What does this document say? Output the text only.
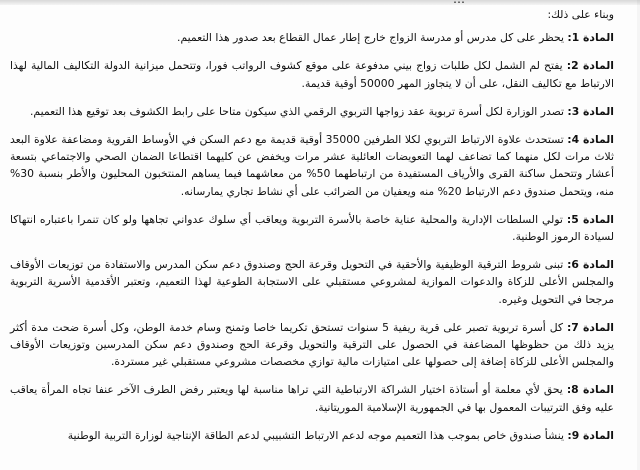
وبناء على ذلك:

المادة 1: يحظر على كل مدرس أو مدرسة الزواج خارج إطار عمال القطاع بعد صدور هذا التعميم.

المادة 2: يفتح لم الشمل لكل طلبات زواج بيني مدفوعة على موقع كشوف الرواتب فورا، وتتحمل ميزانية الدولة التكاليف المالية لهذا الارتباط مع تكاليف النقل، على أن لا يتجاوز المهر 50000 أوقية قديمة.

المادة 3: تصدر الوزارة لكل أسرة تربوية عقد زواجها التربوي الرقمي الذي سيكون متاحا على رابط الكشوف بعد توقيع هذا التعميم.

المادة 4: تستحدث علاوة الارتباط التربوي لكلا الطرفين 35000 أوقية قديمة مع دعم السكن في الأوساط القروية ومضاعفة علاوة البعد ثلاث مرات لكل منهما كما تضاعف لهما التعويضات العائلية عشر مرات ويخفض عن كليهما اقتطاعا الضمان الصحي والاجتماعي بتسعة أعشار وتتحمل ساكنة القرى والأرياف المستفيدة من ارتباطهما 50% من معاشهما فيما يساهم المنتخبون المحليون والأطر بنسبة 30% منه، ويتحمل صندوق دعم الارتباط 20% منه ويعفيان من الضرائب على أي نشاط تجاري يمارسانه.

المادة 5: تولي السلطات الإدارية والمحلية عناية خاصة بالأسرة التربوية ويعاقب أي سلوك عدواني تجاهها ولو كان تنمرا باعتباره انتهاكا لسيادة الرموز الوطنية.

المادة 6: تبنى شروط الترقية الوظيفية والأحقية في التحويل وقرعة الحج وصندوق دعم سكن المدرس والاستفادة من توزيعات الأوقاف والمجلس الأعلى للزكاة والدعوات الموازية لمشروعي مستقبلي على الاستجابة الطوعية لهذا التعميم، وتعتبر الأقدمية الأسرية التربوية مرجحا في التحويل وغيره.

المادة 7: كل أسرة تربوية تصبر على قرية ريفية 5 سنوات تستحق تكريما خاصا وتمنح وسام خدمة الوطن، وكل أسرة ضحت مدة أكثر يزيد ذلك من حظوظها المضاعفة في الحصول على الترقية والتحويل وقرعة الحج وصندوق دعم سكن المدرسين وتوزيعات الأوقاف والمجلس الأعلى للزكاة إضافة إلى حصولها على امتيازات مالية توازي مخصصات مشروعي مستقبلي غير مستردة.

المادة 8: يحق لأي معلمة أو أستاذة اختيار الشراكة الارتباطية التي تراها مناسبة لها ويعتبر رفض الطرف الآخر عنفا تجاه المرأة يعاقب عليه وفق الترتيبات المعمول بها في الجمهورية الإسلامية الموريتانية.

المادة 9: ينشأ صندوق خاص بموجب هذا التعميم موجه لدعم الارتباط التشبيبي لدعم الطاقة الإنتاجية لوزارة التربية الوطنية
